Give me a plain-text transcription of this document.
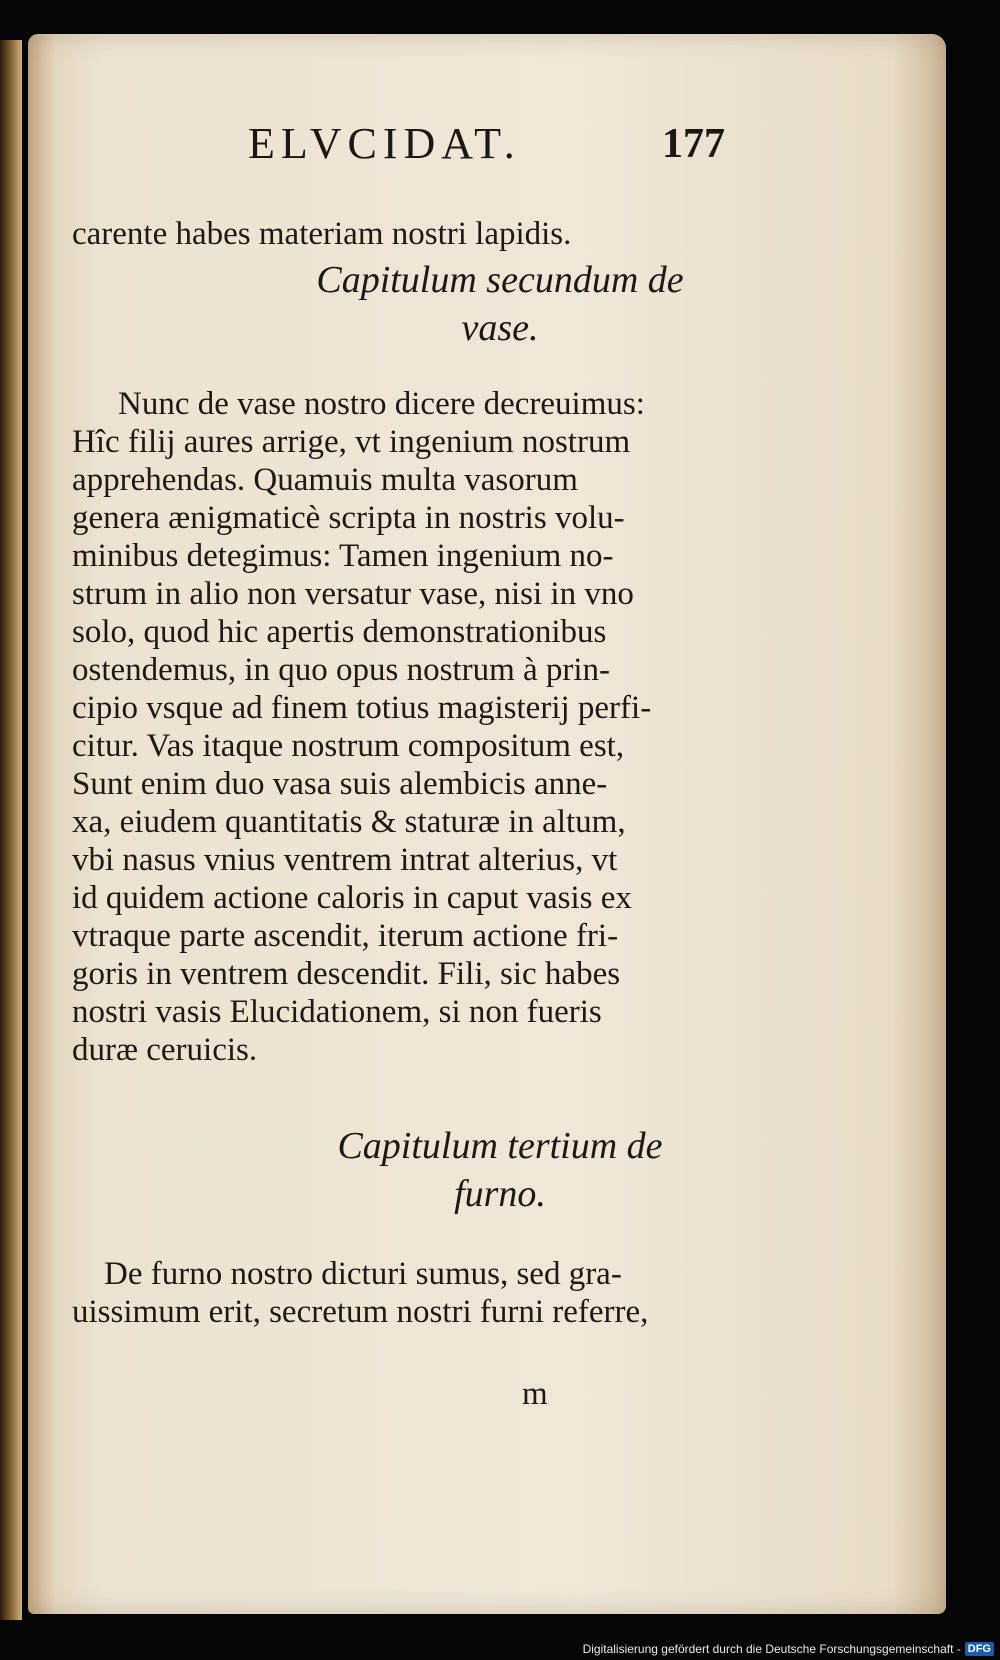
ELVCIDAT.	177

carente habes materiam nostri lapidis.

Capitulum secundum de
vase.
Nunc de vase nostro dicere decreuimus:
Hîc filij aures arrige, vt ingenium nostrum
apprehendas. Quamuis multa vasorum
genera ænigmaticè scripta in nostris volu-
minibus detegimus: Tamen ingenium no-
strum in alio non versatur vase, nisi in vno
solo, quod hic apertis demonstrationibus
ostendemus, in quo opus nostrum à prin-
cipio vsque ad finem totius magisterij perfi-
citur. Vas itaque nostrum compositum est,
Sunt enim duo vasa suis alembicis anne-
xa, eiudem quantitatis & staturæ in altum,
vbi nasus vnius ventrem intrat alterius, vt
id quidem actione caloris in caput vasis ex
vtraque parte ascendit, iterum actione fri-
goris in ventrem descendit. Fili, sic habes
nostri vasis Elucidationem, si non fueris
duræ ceruicis.
Capitulum tertium de
furno.
De furno nostro dicturi sumus, sed gra-
uissimum erit, secretum nostri furni referre,

m

Digitalisierung gefördert durch die Deutsche Forschungsgemeinschaft - DFG
